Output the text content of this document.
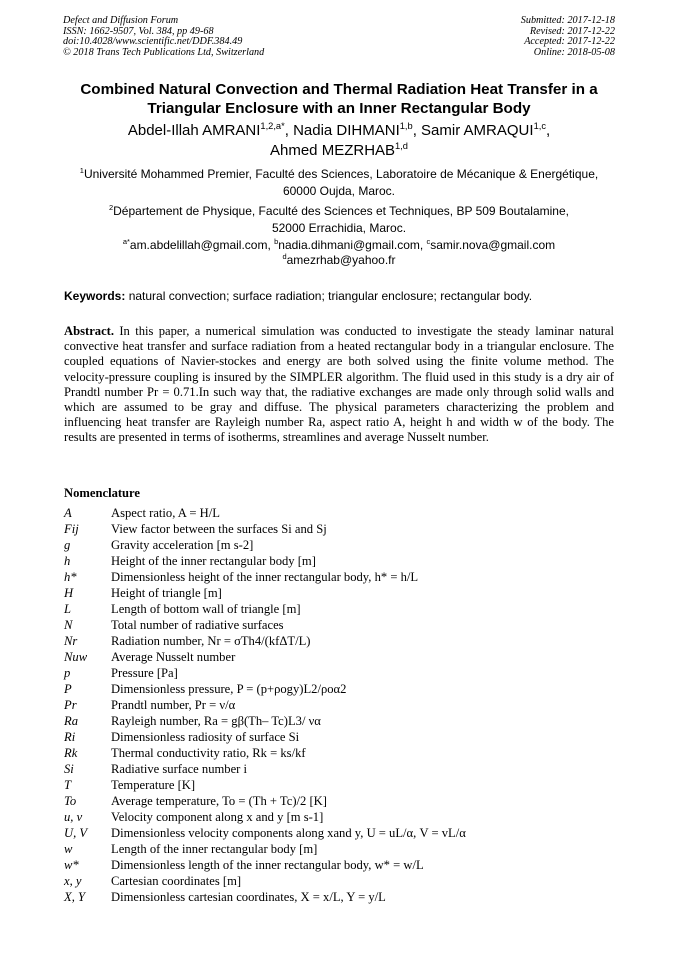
Defect and Diffusion Forum
ISSN: 1662-9507, Vol. 384, pp 49-68
doi:10.4028/www.scientific.net/DDF.384.49
© 2018 Trans Tech Publications Ltd, Switzerland
Submitted: 2017-12-18
Revised: 2017-12-22
Accepted: 2017-12-22
Online: 2018-05-08
Combined Natural Convection and Thermal Radiation Heat Transfer in a
Triangular Enclosure with an Inner Rectangular Body
Abdel-Illah $AMRANI^{1,2,a*}$, Nadia DIHMANI$^{1,b}$, Samir AMRAQUI$^{1,c}$,
Ahmed MEZRHAB$^{1,d}$
$^1$Université Mohammed Premier, Faculté des Sciences, Laboratoire de Mécanique & Energétique,
60000 Oujda, Maroc.
$^2$Département de Physique, Faculté des Sciences et Techniques, BP 509 Boutalamine,
52000 Errachidia, Maroc.
$^{a*}$am.abdelillah@gmail.com, $^b$nadia.dihmani@gmail.com, $^c$samir.nova@gmail.com
$^d$amezrhab@yahoo.fr
Keywords: natural convection; surface radiation; triangular enclosure; rectangular body.
Abstract. In this paper, a numerical simulation was conducted to investigate the steady laminar natural convective heat transfer and surface radiation from a heated rectangular body in a triangular enclosure. The coupled equations of Navier-stockes and energy are both solved using the finite volume method. The velocity-pressure coupling is insured by the SIMPLER algorithm. The fluid used in this study is a dry air of Prandtl number Pr = 0.71.In such way that, the radiative exchanges are made only through solid walls and which are assumed to be gray and diffuse. The physical parameters characterizing the problem and influencing heat transfer are Rayleigh number Ra, aspect ratio A, height h and width w of the body. The results are presented in terms of isotherms, streamlines and average Nusselt number.
Nomenclature
A	Aspect ratio, A = H/L
Fij	View factor between the surfaces Si and Sj
g	Gravity acceleration [m s-2]
h	Height of the inner rectangular body [m]
h*	Dimensionless height of the inner rectangular body, h* = h/L
H	Height of triangle [m]
L	Length of bottom wall of triangle [m]
N	Total number of radiative surfaces
Nr	Radiation number, Nr = σTh4/(kfΔT/L)
Nuw Average Nusselt number
p	Pressure [Pa]
P	Dimensionless pressure, P = (p+ρogy)L2/ρoα2
Pr	Prandtl number, Pr = ν/α
Ra	Rayleigh number, Ra = gβ(Th– Tc)L3/ να
Ri	Dimensionless radiosity of surface Si
Rk	Thermal conductivity ratio, Rk = ks/kf
Si	Radiative surface number i
T	Temperature [K]
To	Average temperature, To = (Th + Tc)/2 [K]
u, v Velocity component along x and y [m s-1]
U, V Dimensionless velocity components along xand y, U = uL/α, V = vL/α
w	Length of the inner rectangular body [m]
w*	Dimensionless length of the inner rectangular body, w* = w/L
x, y Cartesian coordinates [m]
X, Y Dimensionless cartesian coordinates, X = x/L, Y = y/L
